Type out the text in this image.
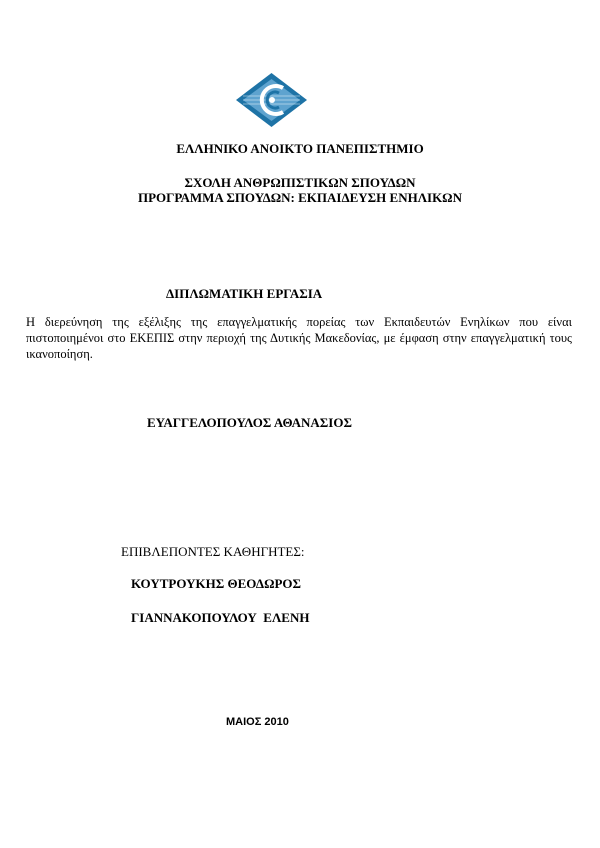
ΕΛΛΗΝΙΚΟ ΑΝΟΙΚΤΟ ΠΑΝΕΠΙΣΤΗΜΙΟ
ΣΧΟΛΗ ΑΝΘΡΩΠΙΣΤΙΚΩΝ ΣΠΟΥΔΩΝ
ΠΡΟΓΡΑΜΜΑ ΣΠΟΥΔΩΝ: ΕΚΠΑΙΔΕΥΣΗ ΕΝΗΛΙΚΩΝ
ΔΙΠΛΩΜΑΤΙΚΗ ΕΡΓΑΣΙΑ
Η διερεύνηση της εξέλιξης της επαγγελματικής πορείας των Εκπαιδευτών Ενηλίκων που είναι πιστοποιημένοι στο ΕΚΕΠΙΣ στην περιοχή της Δυτικής Μακεδονίας, με έμφαση στην επαγγελματική τους ικανοποίηση.
ΕΥΑΓΓΕΛΟΠΟΥΛΟΣ ΑΘΑΝΑΣΙΟΣ
ΕΠΙΒΛΕΠΟΝΤΕΣ ΚΑΘΗΓΗΤΕΣ:
ΚΟΥΤΡΟΥΚΗΣ ΘΕΟΔΩΡΟΣ
ΓΙΑΝΝΑΚΟΠΟΥΛΟΥ  ΕΛΕΝΗ
ΜΑΙΟΣ 2010
